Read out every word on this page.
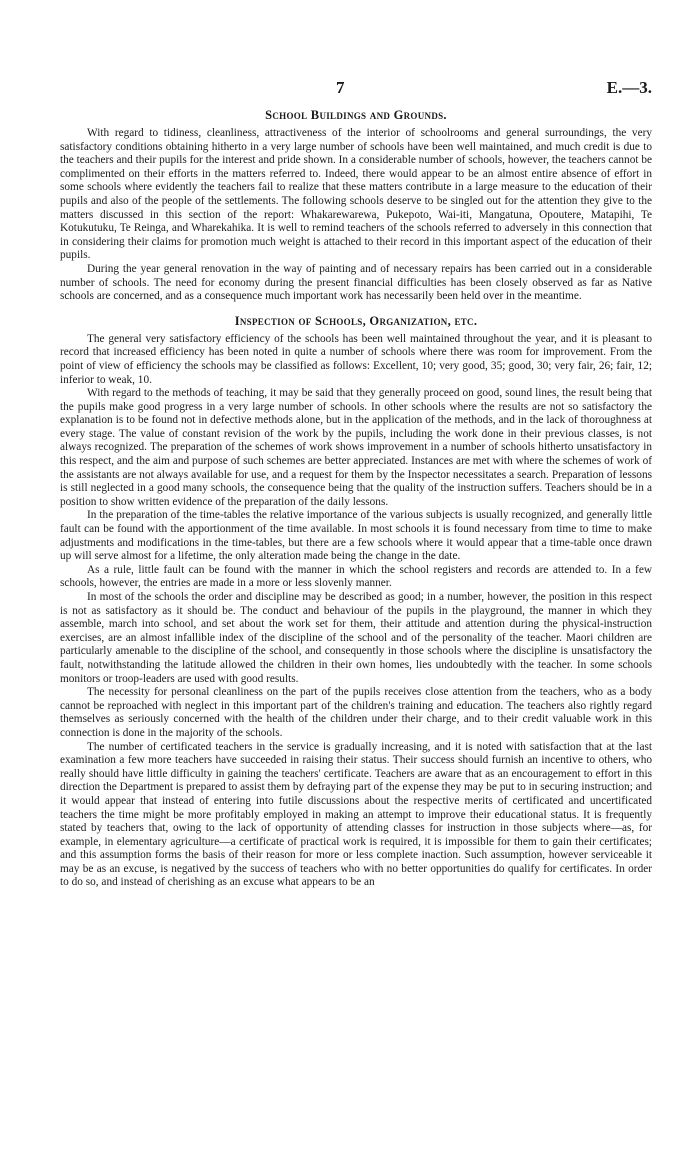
7	E.—3.
School Buildings and Grounds.

With regard to tidiness, cleanliness, attractiveness of the interior of schoolrooms and general surroundings, the very satisfactory conditions obtaining hitherto in a very large number of schools have been well maintained, and much credit is due to the teachers and their pupils for the interest and pride shown. In a considerable number of schools, however, the teachers cannot be complimented on their efforts in the matters referred to. Indeed, there would appear to be an almost entire absence of effort in some schools where evidently the teachers fail to realize that these matters contribute in a large measure to the education of their pupils and also of the people of the settlements. The following schools deserve to be singled out for the attention they give to the matters discussed in this section of the report: Whakarewarewa, Pukepoto, Wai-iti, Mangatuna, Opoutere, Matapihi, Te Kotukutuku, Te Reinga, and Wharekahika. It is well to remind teachers of the schools referred to adversely in this connection that in considering their claims for promotion much weight is attached to their record in this important aspect of the education of their pupils.

During the year general renovation in the way of painting and of necessary repairs has been carried out in a considerable number of schools. The need for economy during the present financial difficulties has been closely observed as far as Native schools are concerned, and as a consequence much important work has necessarily been held over in the meantime.

Inspection of Schools, Organization, etc.

The general very satisfactory efficiency of the schools has been well maintained throughout the year, and it is pleasant to record that increased efficiency has been noted in quite a number of schools where there was room for improvement. From the point of view of efficiency the schools may be classified as follows: Excellent, 10; very good, 35; good, 30; very fair, 26; fair, 12; inferior to weak, 10.

With regard to the methods of teaching, it may be said that they generally proceed on good, sound lines, the result being that the pupils make good progress in a very large number of schools. In other schools where the results are not so satisfactory the explanation is to be found not in defective methods alone, but in the application of the methods, and in the lack of thoroughness at every stage. The value of constant revision of the work by the pupils, including the work done in their previous classes, is not always recognized. The preparation of the schemes of work shows improvement in a number of schools hitherto unsatisfactory in this respect, and the aim and purpose of such schemes are better appreciated. Instances are met with where the schemes of work of the assistants are not always available for use, and a request for them by the Inspector necessitates a search. Preparation of lessons is still neglected in a good many schools, the consequence being that the quality of the instruction suffers. Teachers should be in a position to show written evidence of the preparation of the daily lessons.

In the preparation of the time-tables the relative importance of the various subjects is usually recognized, and generally little fault can be found with the apportionment of the time available. In most schools it is found necessary from time to time to make adjustments and modifications in the time-tables, but there are a few schools where it would appear that a time-table once drawn up will serve almost for a lifetime, the only alteration made being the change in the date.

As a rule, little fault can be found with the manner in which the school registers and records are attended to. In a few schools, however, the entries are made in a more or less slovenly manner.

In most of the schools the order and discipline may be described as good; in a number, however, the position in this respect is not as satisfactory as it should be. The conduct and behaviour of the pupils in the playground, the manner in which they assemble, march into school, and set about the work set for them, their attitude and attention during the physical-instruction exercises, are an almost infallible index of the discipline of the school and of the personality of the teacher. Maori children are particularly amenable to the discipline of the school, and consequently in those schools where the discipline is unsatisfactory the fault, notwithstanding the latitude allowed the children in their own homes, lies undoubtedly with the teacher. In some schools monitors or troop-leaders are used with good results.

The necessity for personal cleanliness on the part of the pupils receives close attention from the teachers, who as a body cannot be reproached with neglect in this important part of the children's training and education. The teachers also rightly regard themselves as seriously concerned with the health of the children under their charge, and to their credit valuable work in this connection is done in the majority of the schools.

The number of certificated teachers in the service is gradually increasing, and it is noted with satisfaction that at the last examination a few more teachers have succeeded in raising their status. Their success should furnish an incentive to others, who really should have little difficulty in gaining the teachers' certificate. Teachers are aware that as an encouragement to effort in this direction the Department is prepared to assist them by defraying part of the expense they may be put to in securing instruction; and it would appear that instead of entering into futile discussions about the respective merits of certificated and uncertificated teachers the time might be more profitably employed in making an attempt to improve their educational status. It is frequently stated by teachers that, owing to the lack of opportunity of attending classes for instruction in those subjects where—as, for example, in elementary agriculture—a certificate of practical work is required, it is impossible for them to gain their certificates; and this assumption forms the basis of their reason for more or less complete inaction. Such assumption, however serviceable it may be as an excuse, is negatived by the success of teachers who with no better opportunities do qualify for certificates. In order to do so, and instead of cherishing as an excuse what appears to be an
